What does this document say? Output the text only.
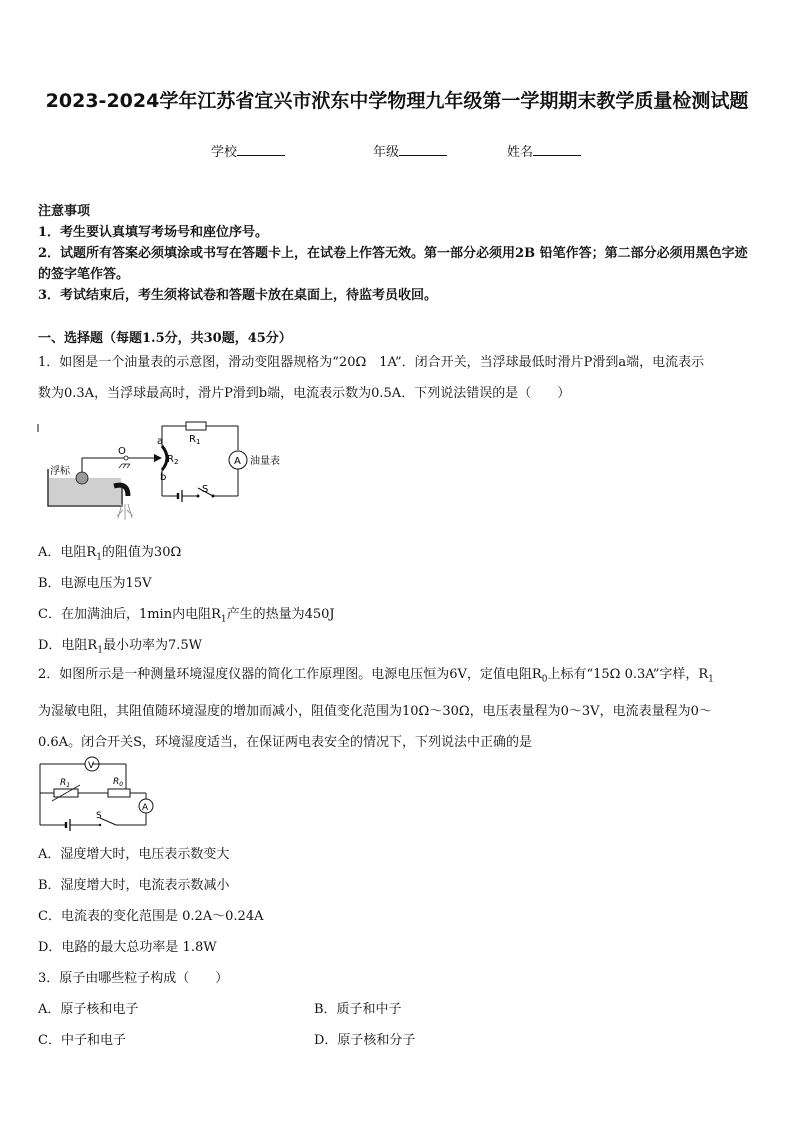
2023-2024学年江苏省宜兴市洑东中学物理九年级第一学期期末教学质量检测试题
学校	年级	姓名
注意事项
1．考生要认真填写考场号和座位序号。
2．试题所有答案必须填涂或书写在答题卡上，在试卷上作答无效。第一部分必须用2B 铅笔作答；第二部分必须用黑色字迹的签字笔作答。
3．考试结束后，考生须将试卷和答题卡放在桌面上，待监考员收回。
一、选择题（每题1.5分，共30题，45分）
1．如图是一个油量表的示意图，滑动变阻器规格为“20Ω　1A”．闭合开关，当浮球最低时滑片P滑到a端，电流表示
数为0.3A，当浮球最高时，滑片P滑到b端，电流表示数为0.5A．下列说法错误的是（　　）
A
浮标
油量表
O
a
b
$R_1$
$R_2$
S
A．电阻$R_1$的阻值为30Ω
B．电源电压为15V
C．在加满油后，1min内电阻$R_1$产生的热量为450J
D．电阻$R_1$最小功率为7.5W
2．如图所示是一种测量环境湿度仪器的简化工作原理图。电源电压恒为6V，定值电阻$R_0$上标有“15Ω 0.3A”字样，$R_1$
为湿敏电阻，其阻值随环境湿度的增加而减小，阻值变化范围为10Ω～30Ω，电压表量程为0～3V，电流表量程为0～
0.6A。闭合开关S，环境湿度适当，在保证两电表安全的情况下，下列说法中正确的是
V
A
$R_1$	$R_0$
S
A．湿度增大时，电压表示数变大
B．湿度增大时，电流表示数减小
C．电流表的变化范围是 0.2A～0.24A
D．电路的最大总功率是 1.8W
3．原子由哪些粒子构成（　　）
A．原子核和电子	B．质子和中子
C．中子和电子	D．原子核和分子
